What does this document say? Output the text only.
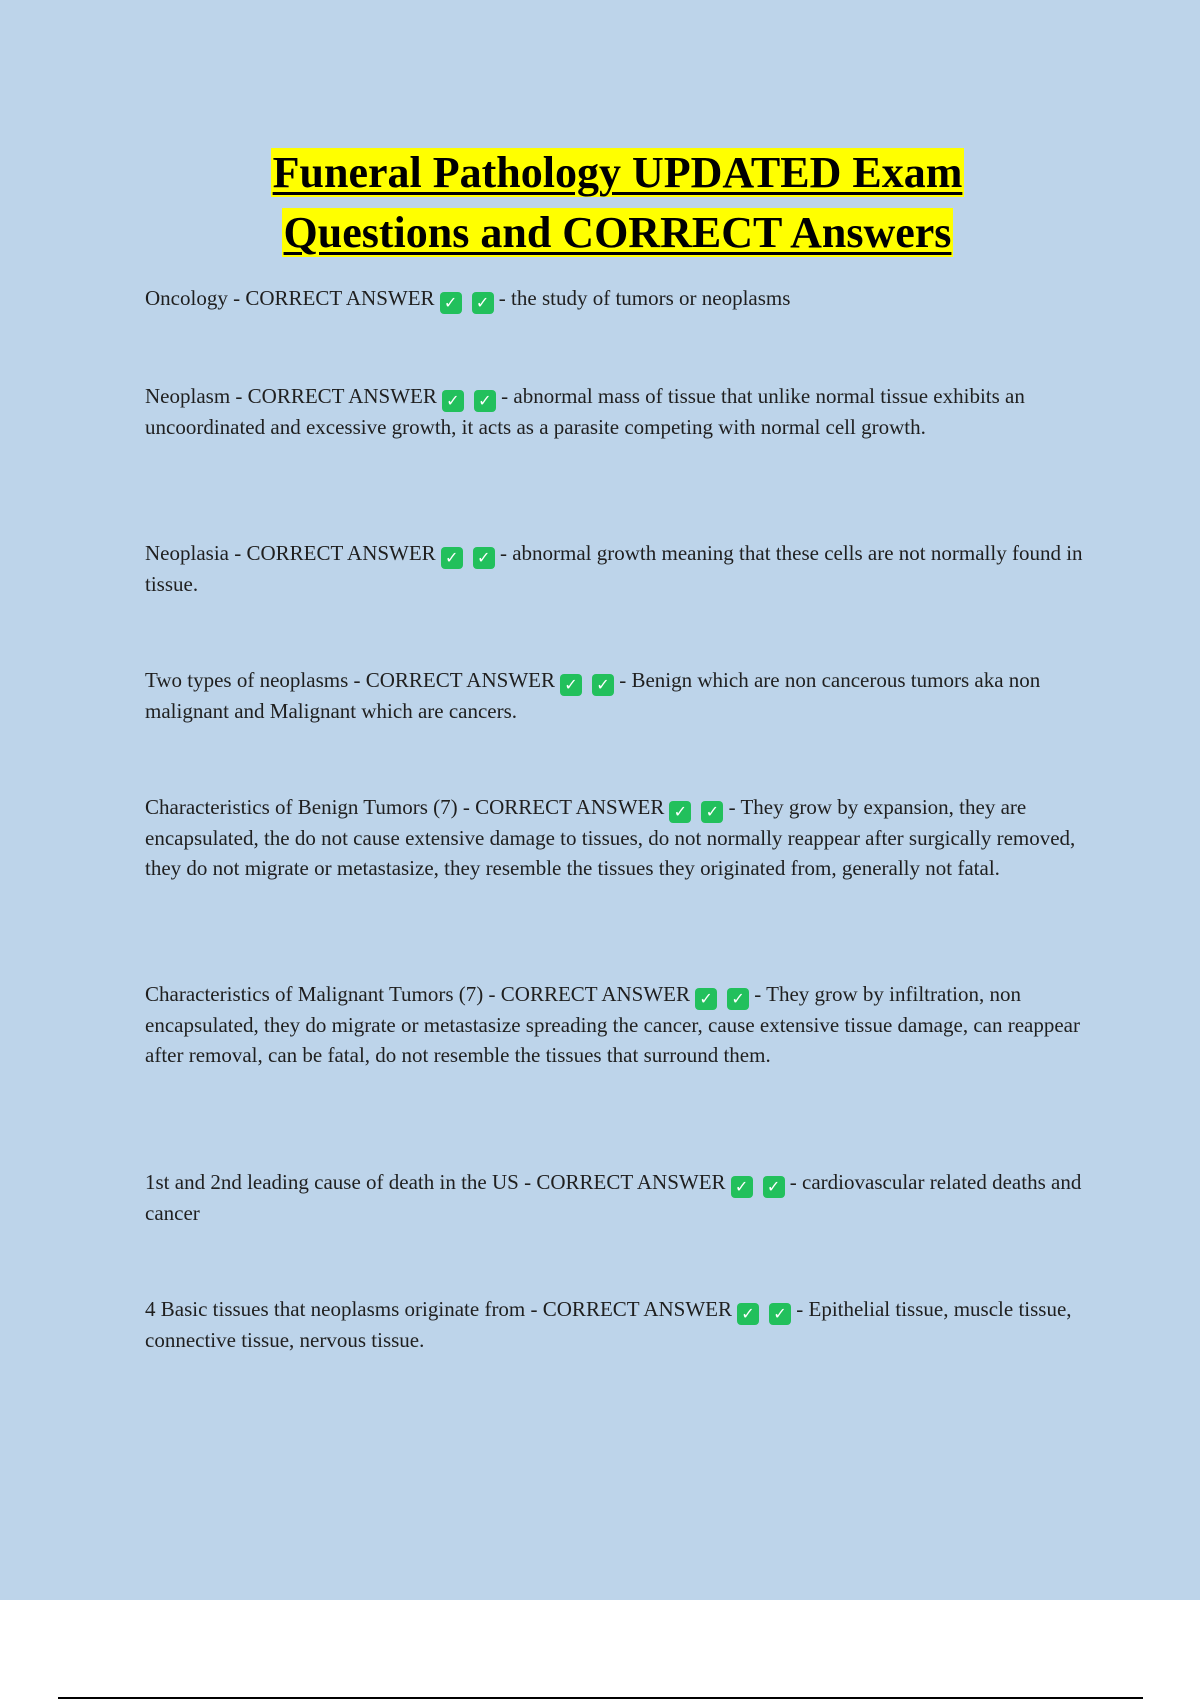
Funeral Pathology UPDATED Exam
Questions and CORRECT Answers

Oncology - CORRECT ANSWER ✓ ✓ - the study of tumors or neoplasms

Neoplasm - CORRECT ANSWER ✓ ✓ - abnormal mass of tissue that unlike normal tissue exhibits an uncoordinated and excessive growth, it acts as a parasite competing with normal cell growth.

Neoplasia - CORRECT ANSWER ✓ ✓ - abnormal growth meaning that these cells are not normally found in tissue.

Two types of neoplasms - CORRECT ANSWER ✓ ✓ - Benign which are non cancerous tumors aka non malignant and Malignant which are cancers.

Characteristics of Benign Tumors (7) - CORRECT ANSWER ✓ ✓ - They grow by expansion, they are encapsulated, the do not cause extensive damage to tissues, do not normally reappear after surgically removed, they do not migrate or metastasize, they resemble the tissues they originated from, generally not fatal.

Characteristics of Malignant Tumors (7) - CORRECT ANSWER ✓ ✓ - They grow by infiltration, non encapsulated, they do migrate or metastasize spreading the cancer, cause extensive tissue damage, can reappear after removal, can be fatal, do not resemble the tissues that surround them.

1st and 2nd leading cause of death in the US - CORRECT ANSWER ✓ ✓ - cardiovascular related deaths and cancer

4 Basic tissues that neoplasms originate from - CORRECT ANSWER ✓ ✓ - Epithelial tissue, muscle tissue, connective tissue, nervous tissue.
